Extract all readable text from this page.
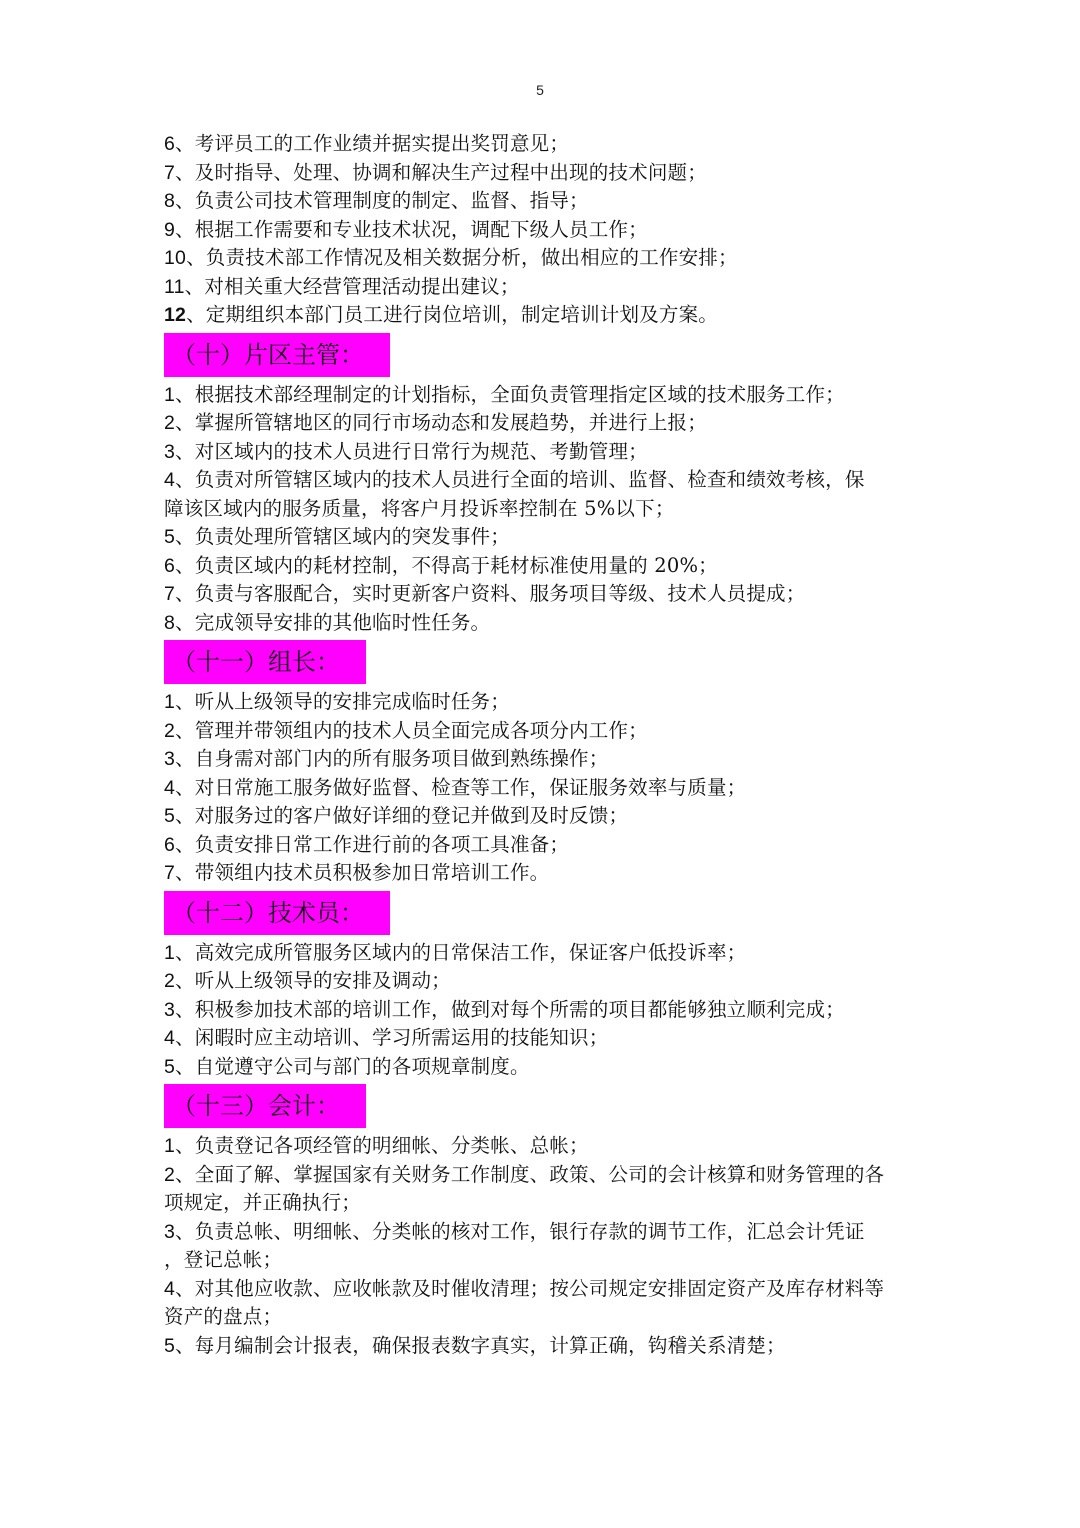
5
6、考评员工的工作业绩并据实提出奖罚意见；
7、及时指导、处理、协调和解决生产过程中出现的技术问题；
8、负责公司技术管理制度的制定、监督、指导；
9、根据工作需要和专业技术状况，调配下级人员工作；
10、负责技术部工作情况及相关数据分析，做出相应的工作安排；
11、对相关重大经营管理活动提出建议；
12、定期组织本部门员工进行岗位培训，制定培训计划及方案。
（十）片区主管：
1、根据技术部经理制定的计划指标，全面负责管理指定区域的技术服务工作；
2、掌握所管辖地区的同行市场动态和发展趋势，并进行上报；
3、对区域内的技术人员进行日常行为规范、考勤管理；
4、负责对所管辖区域内的技术人员进行全面的培训、监督、检查和绩效考核，保
障该区域内的服务质量，将客户月投诉率控制在 5%以下；
5、负责处理所管辖区域内的突发事件；
6、负责区域内的耗材控制，不得高于耗材标准使用量的 20%；
7、负责与客服配合，实时更新客户资料、服务项目等级、技术人员提成；
8、完成领导安排的其他临时性任务。
（十一）组长：
1、听从上级领导的安排完成临时任务；
2、管理并带领组内的技术人员全面完成各项分内工作；
3、自身需对部门内的所有服务项目做到熟练操作；
4、对日常施工服务做好监督、检查等工作，保证服务效率与质量；
5、对服务过的客户做好详细的登记并做到及时反馈；
6、负责安排日常工作进行前的各项工具准备；
7、带领组内技术员积极参加日常培训工作。
（十二）技术员：
1、高效完成所管服务区域内的日常保洁工作，保证客户低投诉率；
2、听从上级领导的安排及调动；
3、积极参加技术部的培训工作，做到对每个所需的项目都能够独立顺利完成；
4、闲暇时应主动培训、学习所需运用的技能知识；
5、自觉遵守公司与部门的各项规章制度。
（十三）会计：
1、负责登记各项经管的明细帐、分类帐、总帐；
2、全面了解、掌握国家有关财务工作制度、政策、公司的会计核算和财务管理的各
项规定，并正确执行；
3、负责总帐、明细帐、分类帐的核对工作，银行存款的调节工作，汇总会计凭证
，登记总帐；
4、对其他应收款、应收帐款及时催收清理；按公司规定安排固定资产及库存材料等
资产的盘点；
5、每月编制会计报表，确保报表数字真实，计算正确，钩稽关系清楚；
